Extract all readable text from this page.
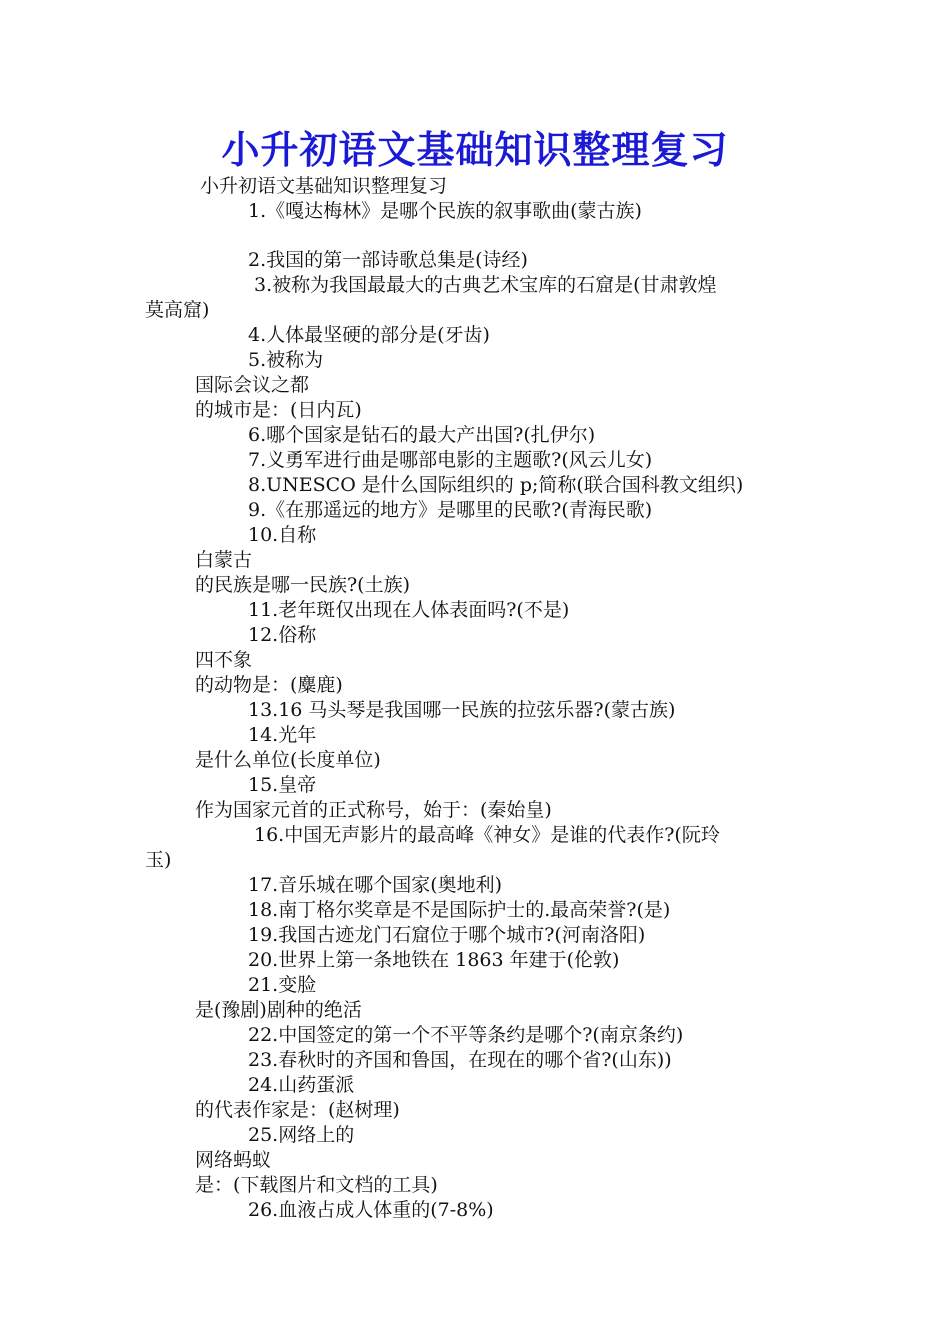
小升初语文基础知识整理复习
小升初语文基础知识整理复习
1.《嘎达梅林》是哪个民族的叙事歌曲(蒙古族)
2.我国的第一部诗歌总集是(诗经)
3.被称为我国最最大的古典艺术宝库的石窟是(甘肃敦煌
莫高窟)
4.人体最坚硬的部分是(牙齿)
5.被称为
国际会议之都
的城市是：(日内瓦)
6.哪个国家是钻石的最大产出国?(扎伊尔)
7.义勇军进行曲是哪部电影的主题歌?(风云儿女)
8.UNESCO 是什么国际组织的 p;简称(联合国科教文组织)
9.《在那遥远的地方》是哪里的民歌?(青海民歌)
10.自称
白蒙古
的民族是哪一民族?(土族)
11.老年斑仅出现在人体表面吗?(不是)
12.俗称
四不象
的动物是：(麋鹿)
13.16 马头琴是我国哪一民族的拉弦乐器?(蒙古族)
14.光年
是什么单位(长度单位)
15.皇帝
作为国家元首的正式称号，始于：(秦始皇)
16.中国无声影片的最高峰《神女》是谁的代表作?(阮玲
玉)
17.音乐城在哪个国家(奥地利)
18.南丁格尔奖章是不是国际护士的.最高荣誉?(是)
19.我国古迹龙门石窟位于哪个城市?(河南洛阳)
20.世界上第一条地铁在 1863 年建于(伦敦)
21.变脸
是(豫剧)剧种的绝活
22.中国签定的第一个不平等条约是哪个?(南京条约)
23.春秋时的齐国和鲁国，在现在的哪个省?(山东))
24.山药蛋派
的代表作家是：(赵树理)
25.网络上的
网络蚂蚁
是：(下载图片和文档的工具)
26.血液占成人体重的(7-8%)
